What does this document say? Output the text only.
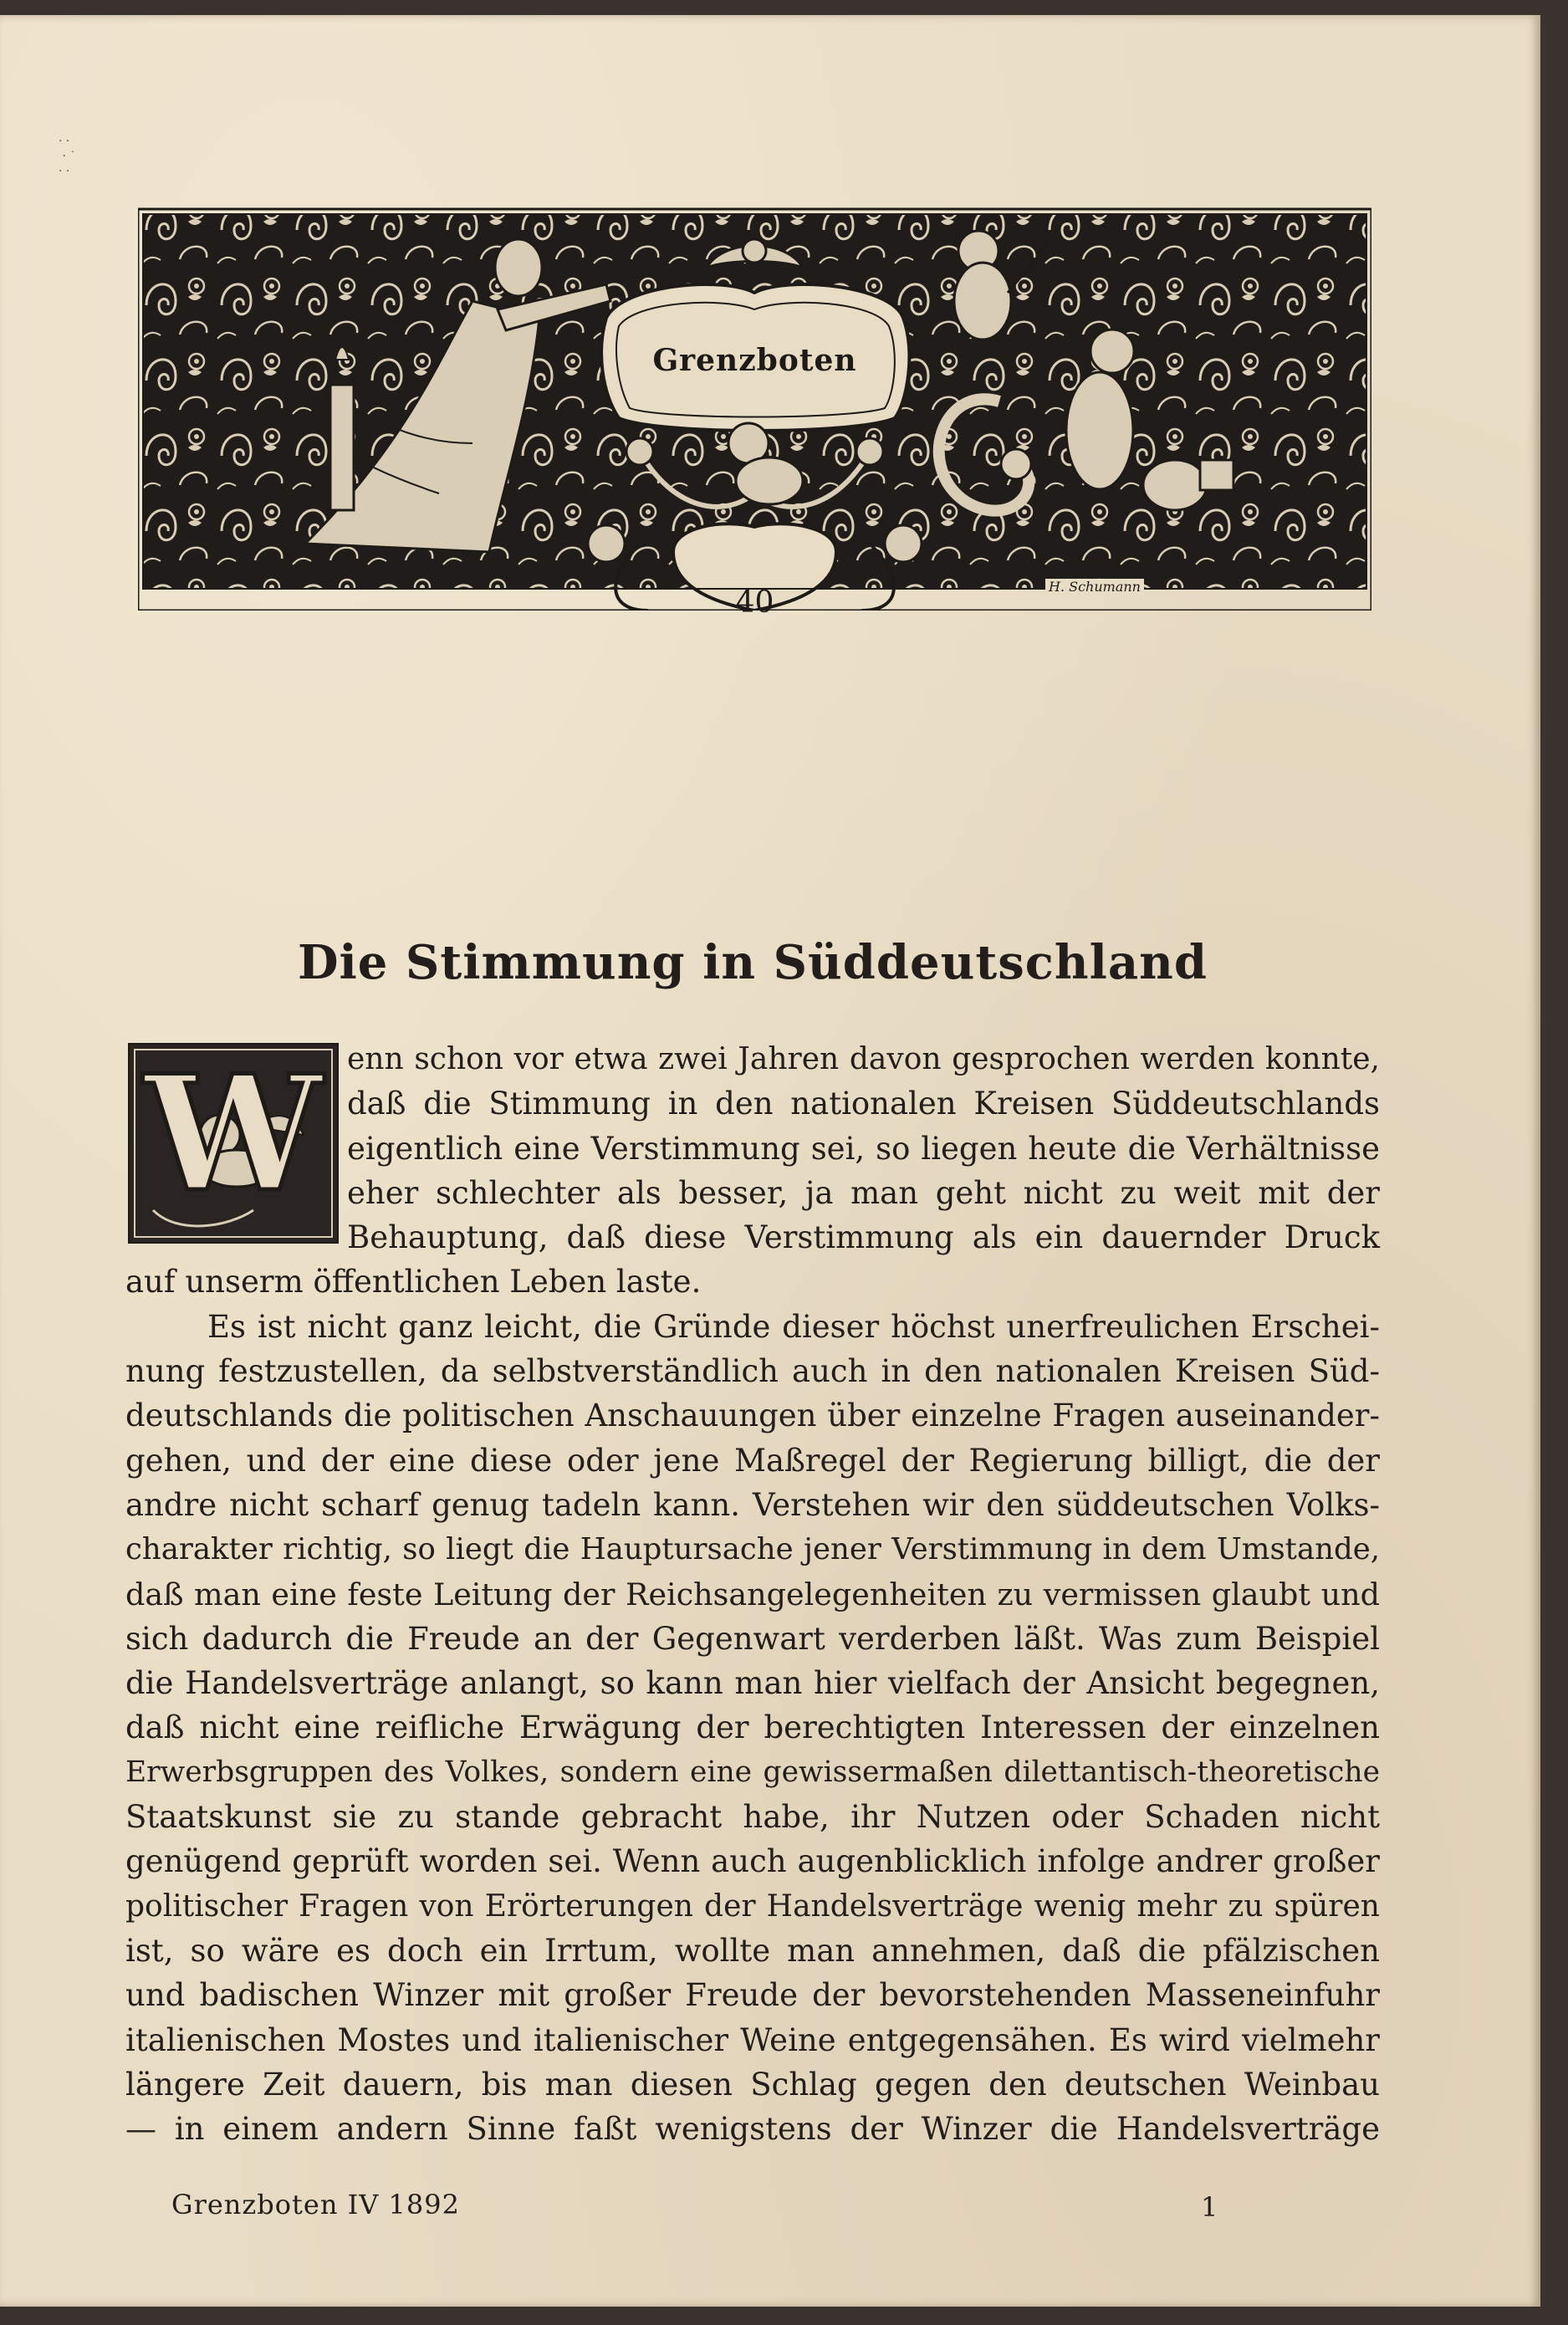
· ·
· ˙
· ·
Grenzboten
40	H. Schumann
Die Stimmung in Süddeutschland
W enn schon vor etwa zwei Jahren davon gesprochen werden konnte,
daß die Stimmung in den nationalen Kreisen Süddeutschlands
eigentlich eine Verstimmung sei, so liegen heute die Verhältnisse
eher schlechter als besser, ja man geht nicht zu weit mit der
Behauptung, daß diese Verstimmung als ein dauernder Druck
auf unserm öffentlichen Leben laste.
Es ist nicht ganz leicht, die Gründe dieser höchst unerfreulichen Erschei-
nung festzustellen, da selbstverständlich auch in den nationalen Kreisen Süd-
deutschlands die politischen Anschauungen über einzelne Fragen auseinander-
gehen, und der eine diese oder jene Maßregel der Regierung billigt, die der
andre nicht scharf genug tadeln kann. Verstehen wir den süddeutschen Volks-
charakter richtig, so liegt die Hauptursache jener Verstimmung in dem Umstande,
daß man eine feste Leitung der Reichsangelegenheiten zu vermissen glaubt und
sich dadurch die Freude an der Gegenwart verderben läßt. Was zum Beispiel
die Handelsverträge anlangt, so kann man hier vielfach der Ansicht begegnen,
daß nicht eine reifliche Erwägung der berechtigten Interessen der einzelnen
Erwerbsgruppen des Volkes, sondern eine gewissermaßen dilettantisch-theoretische
Staatskunst sie zu stande gebracht habe, ihr Nutzen oder Schaden nicht
genügend geprüft worden sei. Wenn auch augenblicklich infolge andrer großer
politischer Fragen von Erörterungen der Handelsverträge wenig mehr zu spüren
ist, so wäre es doch ein Irrtum, wollte man annehmen, daß die pfälzischen
und badischen Winzer mit großer Freude der bevorstehenden Masseneinfuhr
italienischen Mostes und italienischer Weine entgegensähen. Es wird vielmehr
längere Zeit dauern, bis man diesen Schlag gegen den deutschen Weinbau
— in einem andern Sinne faßt wenigstens der Winzer die Handelsverträge
Grenzboten IV 1892	1
